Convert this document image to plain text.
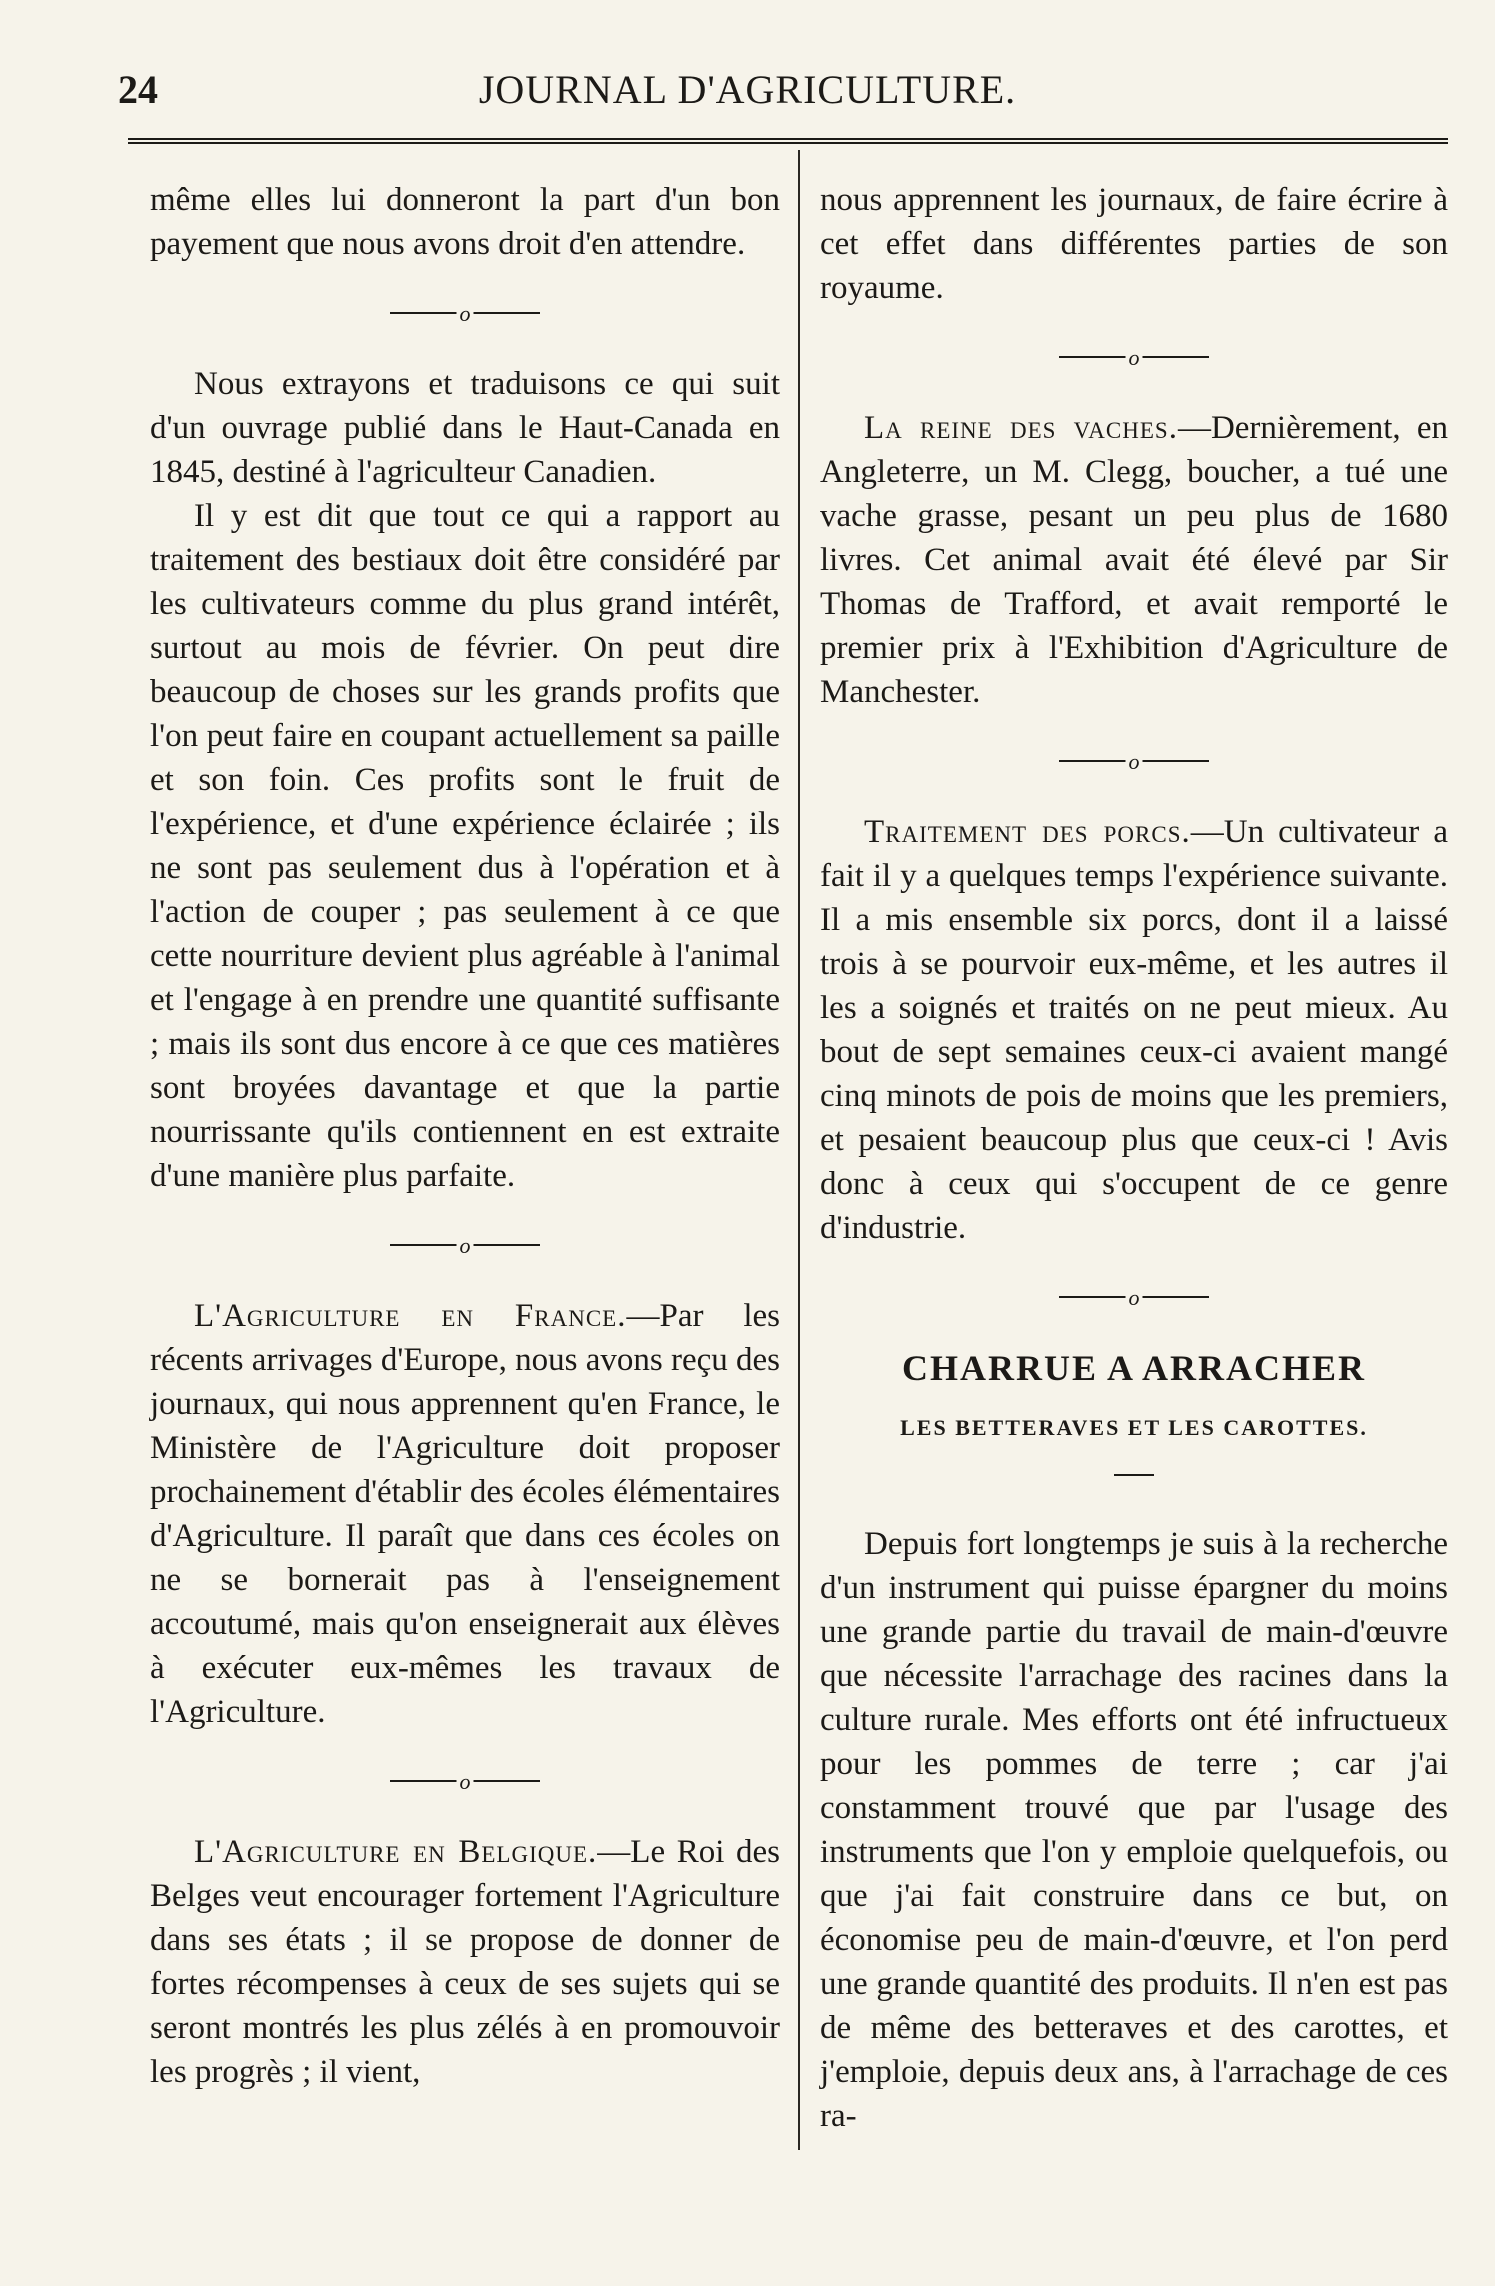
24	JOURNAL D'AGRICULTURE.

même elles lui donneront la part d'un bon payement que nous avons droit d'en attendre.

o

Nous extrayons et traduisons ce qui suit d'un ouvrage publié dans le Haut-Canada en 1845, destiné à l'agriculteur Canadien.

Il y est dit que tout ce qui a rapport au traitement des bestiaux doit être considéré par les cultivateurs comme du plus grand intérêt, surtout au mois de février. On peut dire beaucoup de choses sur les grands profits que l'on peut faire en coupant actuellement sa paille et son foin. Ces profits sont le fruit de l'expérience, et d'une expérience éclairée ; ils ne sont pas seulement dus à l'opération et à l'action de couper ; pas seulement à ce que cette nourriture devient plus agréable à l'animal et l'engage à en prendre une quantité suffisante ; mais ils sont dus encore à ce que ces matières sont broyées davantage et que la partie nourrissante qu'ils contiennent en est extraite d'une manière plus parfaite.

o

L'Agriculture en France.—Par les récents arrivages d'Europe, nous avons reçu des journaux, qui nous apprennent qu'en France, le Ministère de l'Agriculture doit proposer prochainement d'établir des écoles élémentaires d'Agriculture. Il paraît que dans ces écoles on ne se bornerait pas à l'enseignement accoutumé, mais qu'on enseignerait aux élèves à exécuter eux-mêmes les travaux de l'Agriculture.

o

L'Agriculture en Belgique.—Le Roi des Belges veut encourager fortement l'Agriculture dans ses états ; il se propose de donner de fortes récompenses à ceux de ses sujets qui se seront montrés les plus zélés à en promouvoir les progrès ; il vient,

nous apprennent les journaux, de faire écrire à cet effet dans différentes parties de son royaume.

o

La reine des vaches.—Dernièrement, en Angleterre, un M. Clegg, boucher, a tué une vache grasse, pesant un peu plus de 1680 livres. Cet animal avait été élevé par Sir Thomas de Trafford, et avait remporté le premier prix à l'Exhibition d'Agriculture de Manchester.

o

Traitement des porcs.—Un cultivateur a fait il y a quelques temps l'expérience suivante. Il a mis ensemble six porcs, dont il a laissé trois à se pourvoir eux-même, et les autres il les a soignés et traités on ne peut mieux. Au bout de sept semaines ceux-ci avaient mangé cinq minots de pois de moins que les premiers, et pesaient beaucoup plus que ceux-ci ! Avis donc à ceux qui s'occupent de ce genre d'industrie.

o
CHARRUE A ARRACHER
LES BETTERAVES ET LES CAROTTES.

Depuis fort longtemps je suis à la recherche d'un instrument qui puisse épargner du moins une grande partie du travail de main-d'œuvre que nécessite l'arrachage des racines dans la culture rurale. Mes efforts ont été infructueux pour les pommes de terre ; car j'ai constamment trouvé que par l'usage des instruments que l'on y emploie quelquefois, ou que j'ai fait construire dans ce but, on économise peu de main-d'œuvre, et l'on perd une grande quantité des produits. Il n'en est pas de même des betteraves et des carottes, et j'emploie, depuis deux ans, à l'arrachage de ces ra-
